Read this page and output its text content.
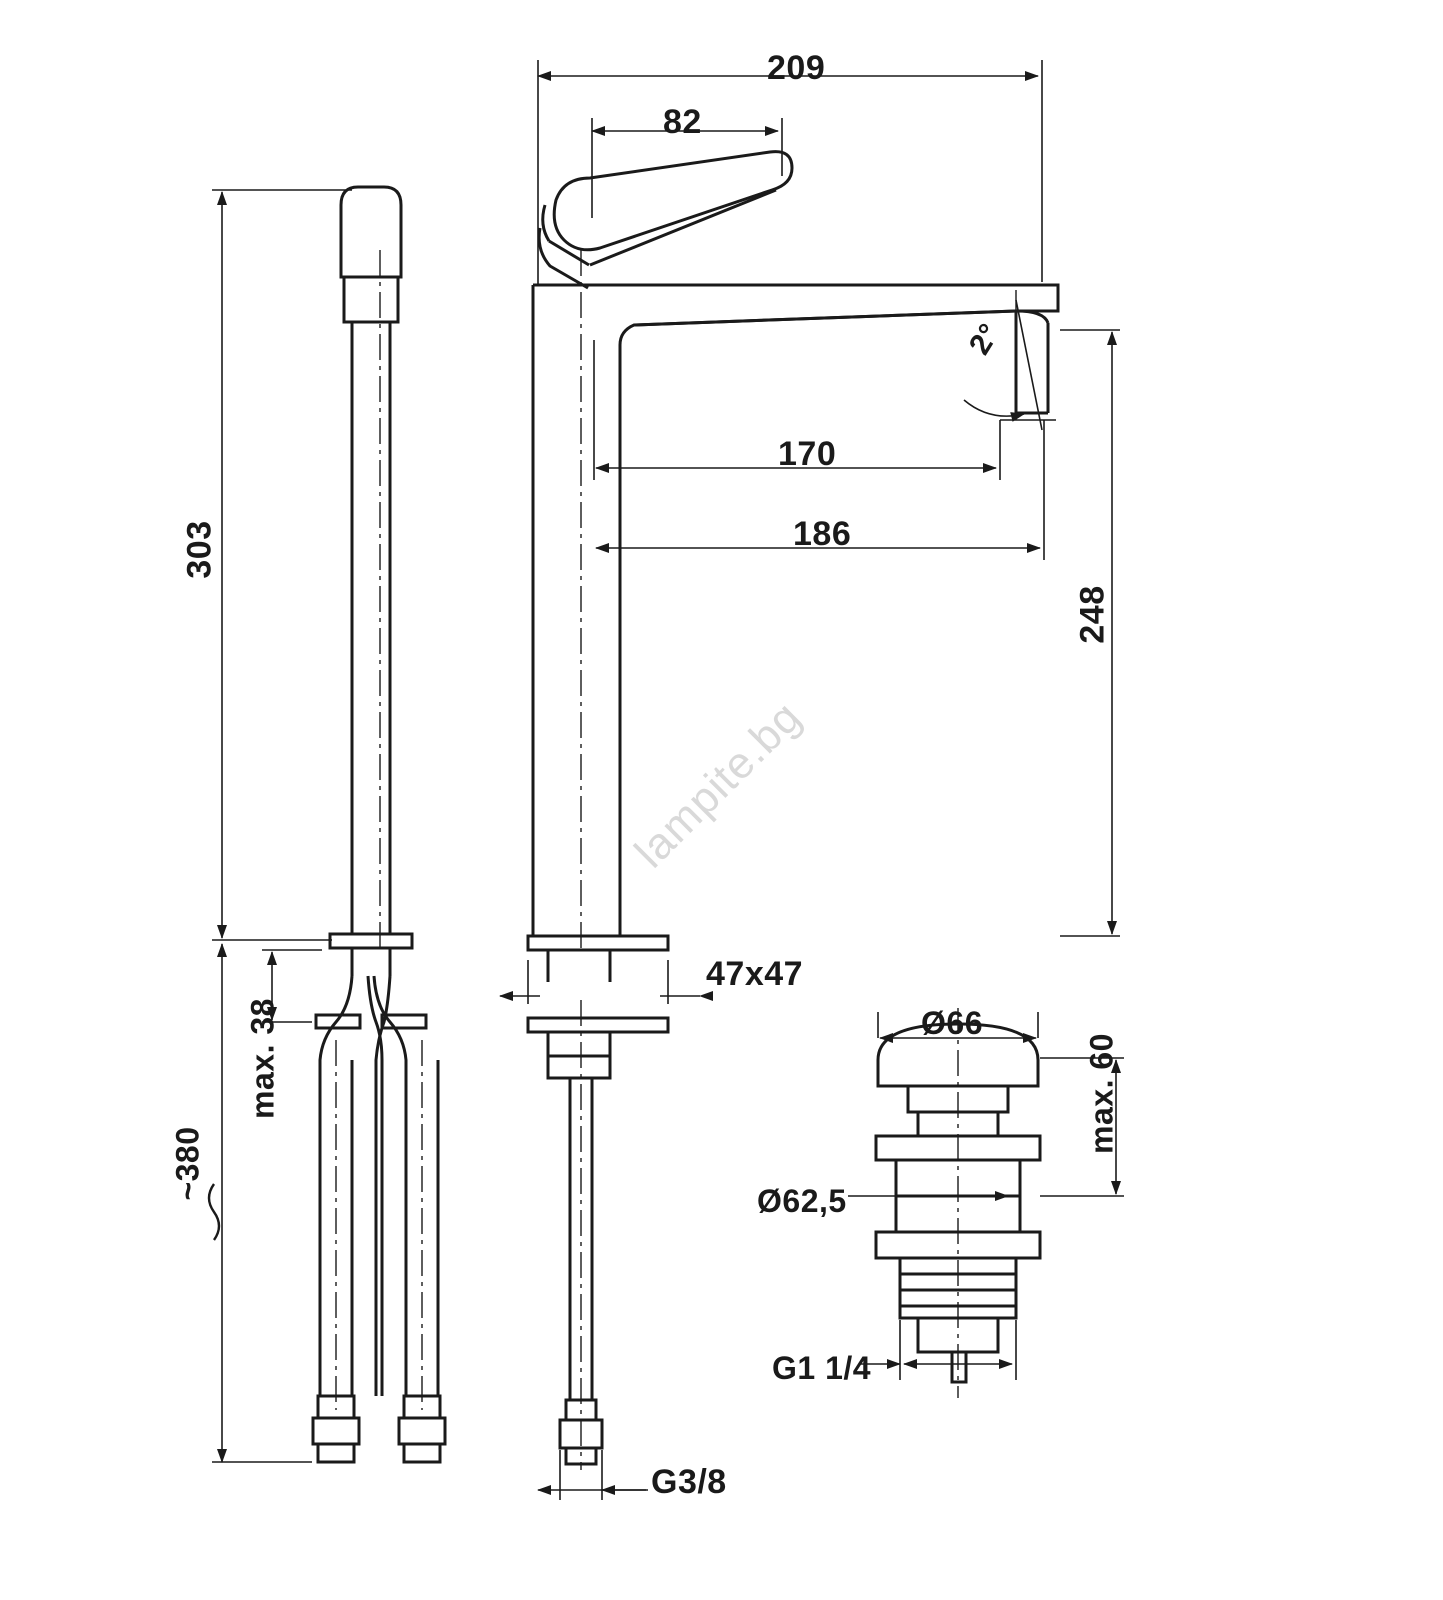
209
82
2°
170
186
248
303
max. 38
~380
47x47
G3/8
Ø66
max. 60
Ø62,5
G1 1/4
lampite.bg
